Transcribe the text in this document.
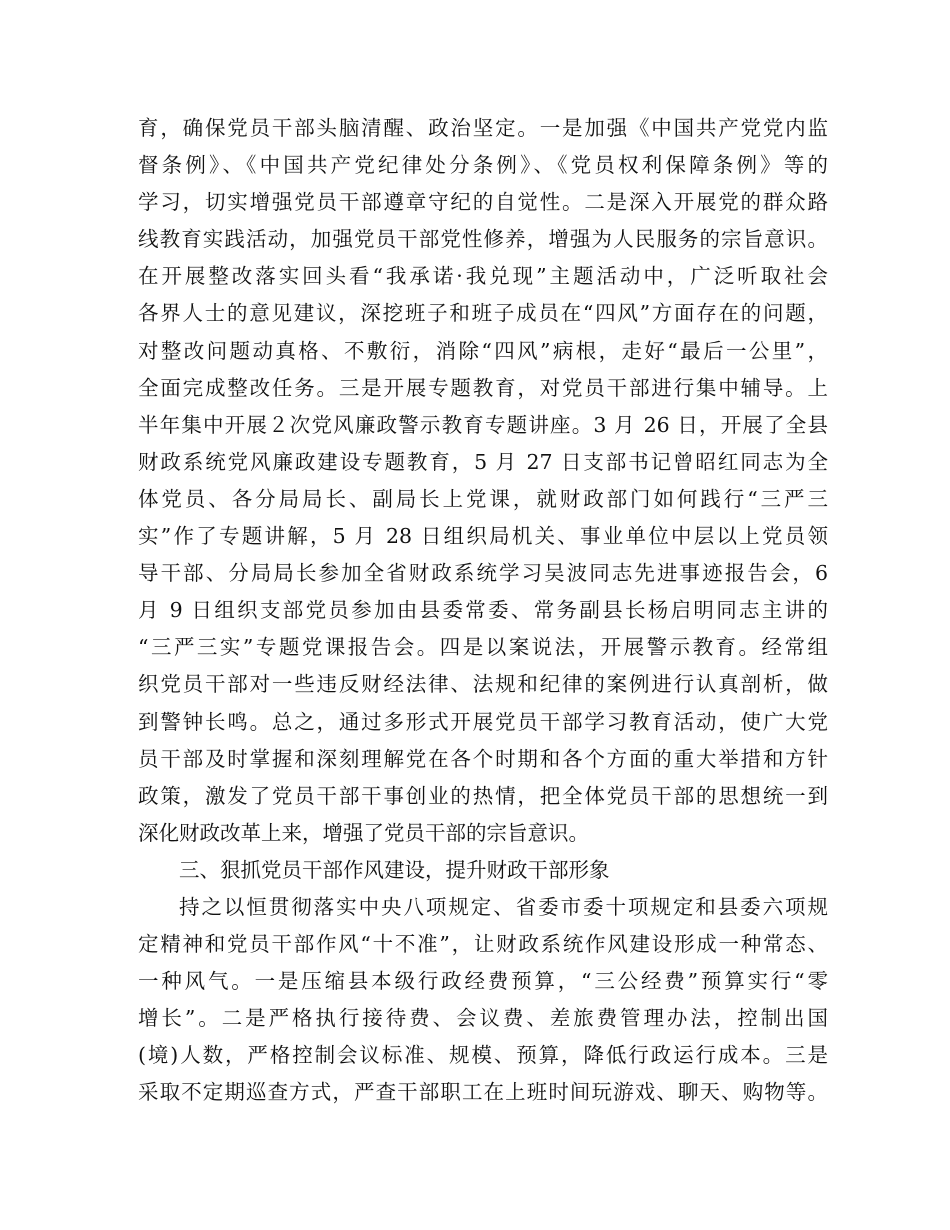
育，确保党员干部头脑清醒、政治坚定。一是加强《中国共产党党内监
督条例》、《中国共产党纪律处分条例》、《党员权利保障条例》等的
学习，切实增强党员干部遵章守纪的自觉性。二是深入开展党的群众路
线教育实践活动，加强党员干部党性修养，增强为人民服务的宗旨意识。
在开展整改落实回头看“我承诺·我兑现”主题活动中，广泛听取社会
各界人士的意见建议，深挖班子和班子成员在“四风”方面存在的问题，
对整改问题动真格、不敷衍，消除“四风”病根，走好“最后一公里”，
全面完成整改任务。三是开展专题教育，对党员干部进行集中辅导。上
半年集中开展２次党风廉政警示教育专题讲座。3 月 26 日，开展了全县
财政系统党风廉政建设专题教育，5 月 27 日支部书记曾昭红同志为全
体党员、各分局局长、副局长上党课，就财政部门如何践行“三严三
实”作了专题讲解，5 月 28 日组织局机关、事业单位中层以上党员领
导干部、分局局长参加全省财政系统学习吴波同志先进事迹报告会，6
月 9 日组织支部党员参加由县委常委、常务副县长杨启明同志主讲的
“三严三实”专题党课报告会。四是以案说法，开展警示教育。经常组
织党员干部对一些违反财经法律、法规和纪律的案例进行认真剖析，做
到警钟长鸣。总之，通过多形式开展党员干部学习教育活动，使广大党
员干部及时掌握和深刻理解党在各个时期和各个方面的重大举措和方针
政策，激发了党员干部干事创业的热情，把全体党员干部的思想统一到
深化财政改革上来，增强了党员干部的宗旨意识。
三、狠抓党员干部作风建设，提升财政干部形象
持之以恒贯彻落实中央八项规定、省委市委十项规定和县委六项规
定精神和党员干部作风“十不准”，让财政系统作风建设形成一种常态、
一种风气。一是压缩县本级行政经费预算，“三公经费”预算实行“零
增长”。二是严格执行接待费、会议费、差旅费管理办法，控制出国
(境)人数，严格控制会议标准、规模、预算，降低行政运行成本。三是
采取不定期巡查方式，严查干部职工在上班时间玩游戏、聊天、购物等。
